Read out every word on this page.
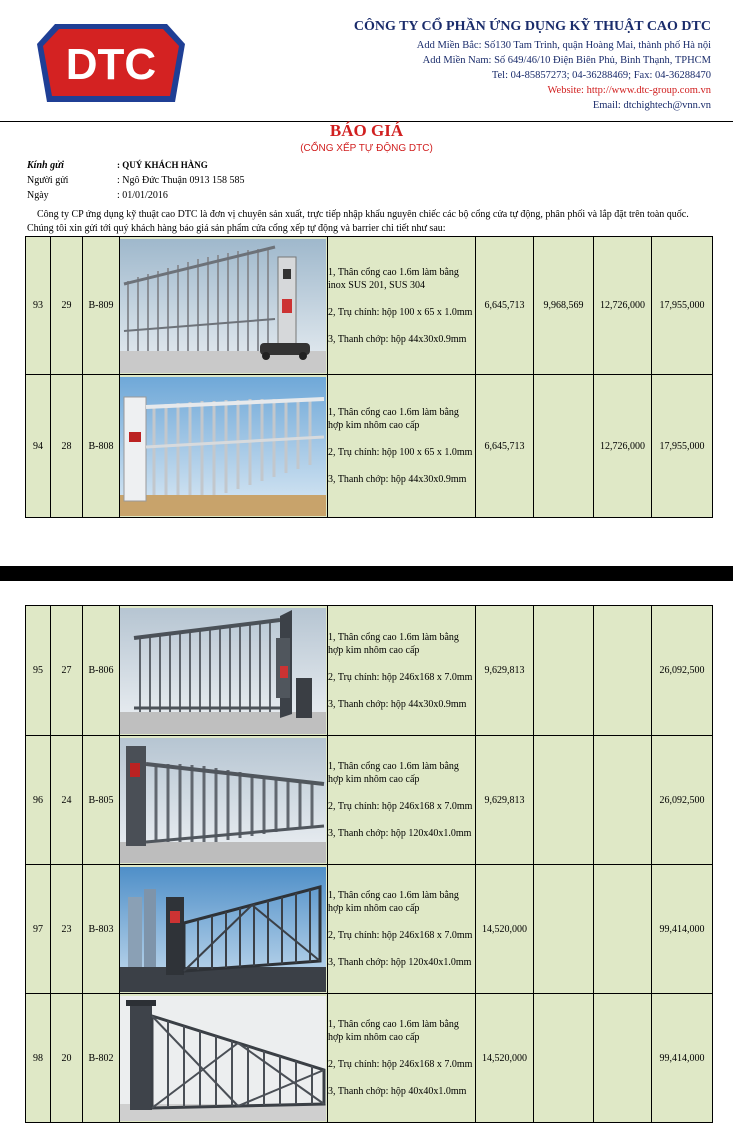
DTC
CÔNG TY CỔ PHẦN ỨNG DỤNG KỸ THUẬT CAO DTC
Add Miền Bắc: Số130 Tam Trinh, quận Hoàng Mai, thành phố Hà nội
Add Miền Nam: Số 649/46/10 Điện Biên Phủ, Bình Thạnh, TPHCM
Tel: 04-85857273; 04-36288469; Fax: 04-36288470
Website: http://www.dtc-group.com.vn
Email: dtchightech@vnn.vn
BÁO GIÁ
(CỔNG XẾP TỰ ĐỘNG DTC)
Kính gửi	: QUÝ KHÁCH HÀNG
Người gửi	: Ngô Đức Thuận 0913 158 585
Ngày	: 01/01/2016
Công ty CP ứng dụng kỹ thuật cao DTC là đơn vị chuyên sản xuất, trực tiếp nhập khẩu nguyên chiếc các bộ cổng cửa tự động, phân phối và lắp đặt trên toàn quốc. Chúng tôi xin gửi tới quý khách hàng báo giá sản phẩm cửa cổng xếp tự động và barrier chi tiết như sau:
93	29	B-809		1, Thân cổng cao 1.6m làm bằng inox SUS 201, SUS 304

2, Trụ chính: hộp 100 x 65 x 1.0mm

3, Thanh chớp: hộp 44x30x0.9mm	6,645,713	9,968,569	12,726,000	17,955,000
94	28	B-808		1, Thân cổng cao 1.6m làm bằng hợp kim nhôm cao cấp

2, Trụ chính: hộp 100 x 65 x 1.0mm

3, Thanh chớp: hộp 44x30x0.9mm	6,645,713		12,726,000	17,955,000
95	27	B-806		1, Thân cổng cao 1.6m làm bằng hợp kim nhôm cao cấp

2, Trụ chính: hộp 246x168 x 7.0mm

3, Thanh chớp: hộp 44x30x0.9mm	9,629,813			26,092,500
96	24	B-805		1, Thân cổng cao 1.6m làm bằng hợp kim nhôm cao cấp

2, Trụ chính: hộp 246x168 x 7.0mm

3, Thanh chớp: hộp 120x40x1.0mm	9,629,813			26,092,500
97	23	B-803		1, Thân cổng cao 1.6m làm bằng hợp kim nhôm cao cấp

2, Trụ chính: hộp 246x168 x 7.0mm

3, Thanh chớp: hộp 120x40x1.0mm	14,520,000			99,414,000
98	20	B-802		1, Thân cổng cao 1.6m làm bằng hợp kim nhôm cao cấp

2, Trụ chính: hộp 246x168 x 7.0mm

3, Thanh chớp: hộp 40x40x1.0mm	14,520,000			99,414,000
